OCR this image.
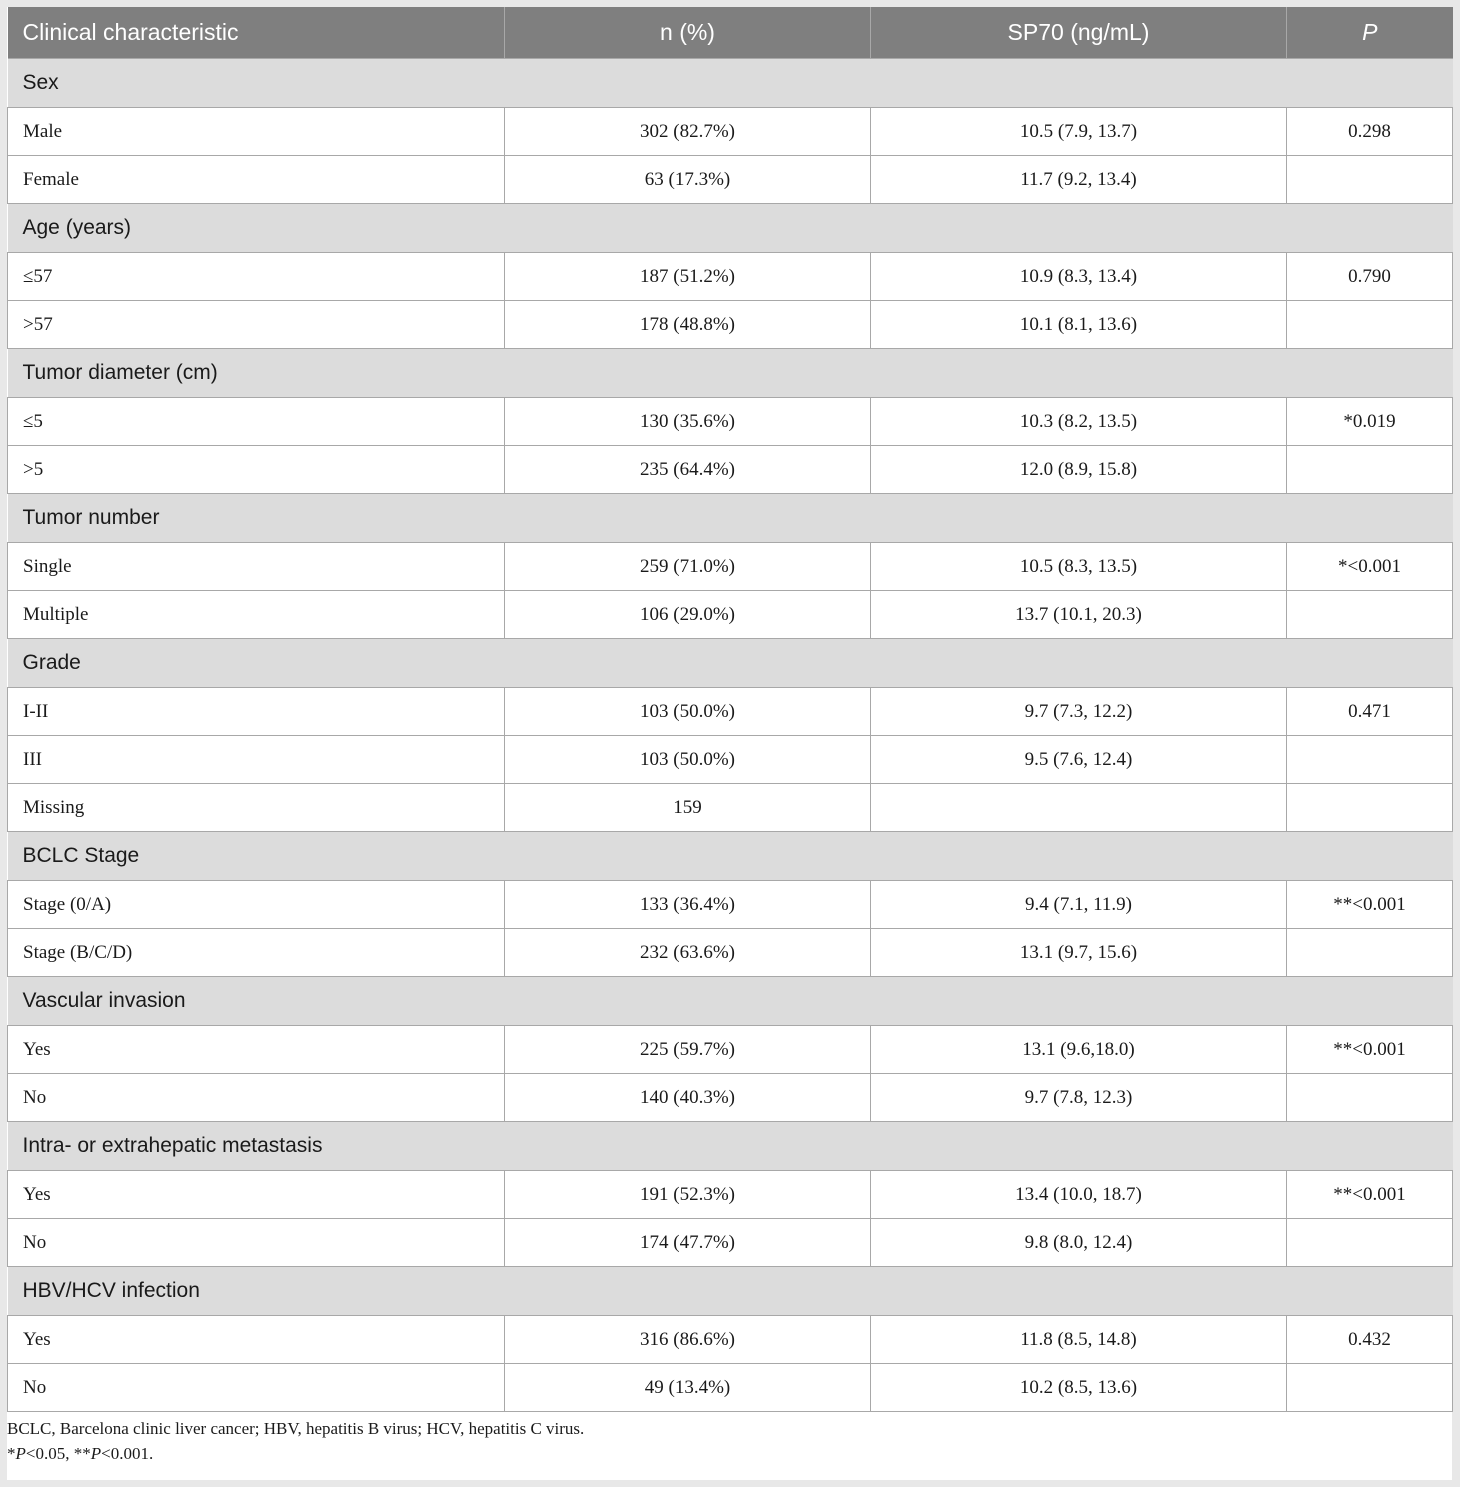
Clinical characteristic	n (%)	SP70 (ng/mL)	P
Sex			
Male	302 (82.7%)	10.5 (7.9, 13.7)	0.298
Female	63 (17.3%)	11.7 (9.2, 13.4)	
Age (years)			
≤57	187 (51.2%)	10.9 (8.3, 13.4)	0.790
>57	178 (48.8%)	10.1 (8.1, 13.6)	
Tumor diameter (cm)			
≤5	130 (35.6%)	10.3 (8.2, 13.5)	*0.019
>5	235 (64.4%)	12.0 (8.9, 15.8)	
Tumor number			
Single	259 (71.0%)	10.5 (8.3, 13.5)	*<0.001
Multiple	106 (29.0%)	13.7 (10.1, 20.3)	
Grade			
I-II	103 (50.0%)	9.7 (7.3, 12.2)	0.471
III	103 (50.0%)	9.5 (7.6, 12.4)	
Missing	159		
BCLC Stage			
Stage (0/A)	133 (36.4%)	9.4 (7.1, 11.9)	**<0.001
Stage (B/C/D)	232 (63.6%)	13.1 (9.7, 15.6)	
Vascular invasion			
Yes	225 (59.7%)	13.1 (9.6,18.0)	**<0.001
No	140 (40.3%)	9.7 (7.8, 12.3)	
Intra- or extrahepatic metastasis			
Yes	191 (52.3%)	13.4 (10.0, 18.7)	**<0.001
No	174 (47.7%)	9.8 (8.0, 12.4)	
HBV/HCV infection			
Yes	316 (86.6%)	11.8 (8.5, 14.8)	0.432
No	49 (13.4%)	10.2 (8.5, 13.6)	
BCLC, Barcelona clinic liver cancer; HBV, hepatitis B virus; HCV, hepatitis C virus.
*P<0.05, **P<0.001.
